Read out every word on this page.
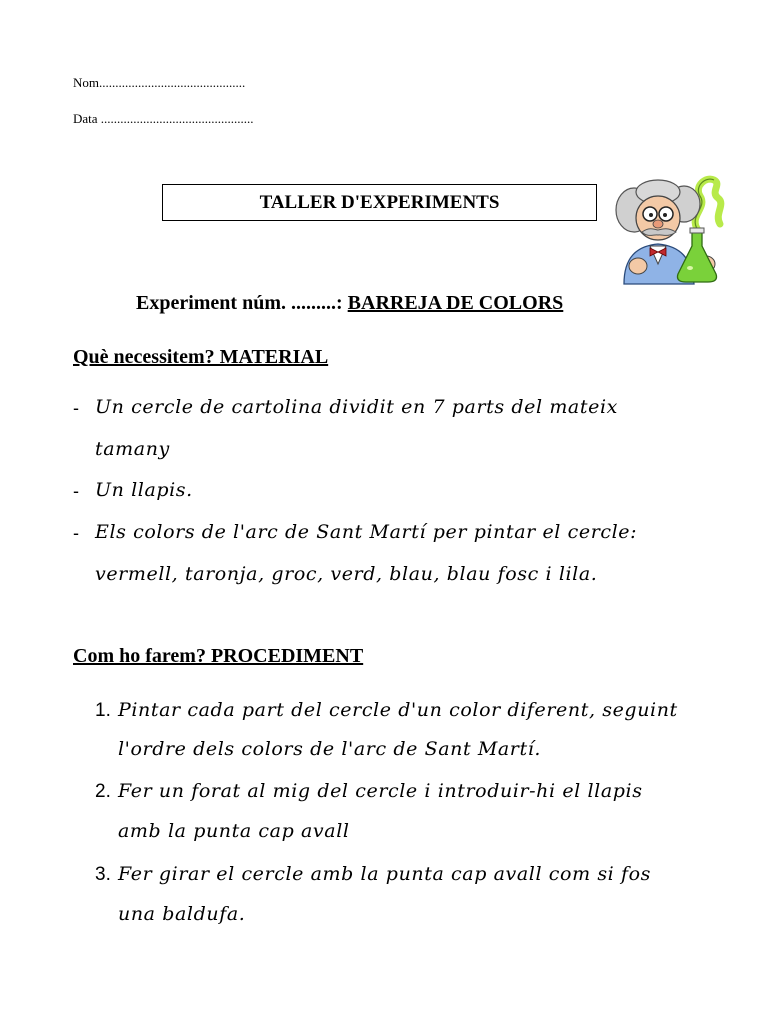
Nom.............................................
Data ...............................................
TALLER D'EXPERIMENTS
Experiment núm. .........: BARREJA DE COLORS
Què necessitem? MATERIAL
- Un cercle de cartolina dividit en 7 parts del mateix
tamany
- Un llapis.
- Els colors de l'arc de Sant Martí per pintar el cercle:
vermell, taronja, groc, verd, blau, blau fosc i lila.
Com ho farem? PROCEDIMENT
1. Pintar cada part del cercle d'un color diferent, seguint
l'ordre dels colors de l'arc de Sant Martí.
2. Fer un forat al mig del cercle i introduir-hi el llapis
amb la punta cap avall
3. Fer girar el cercle amb la punta cap avall com si fos
una baldufa.
